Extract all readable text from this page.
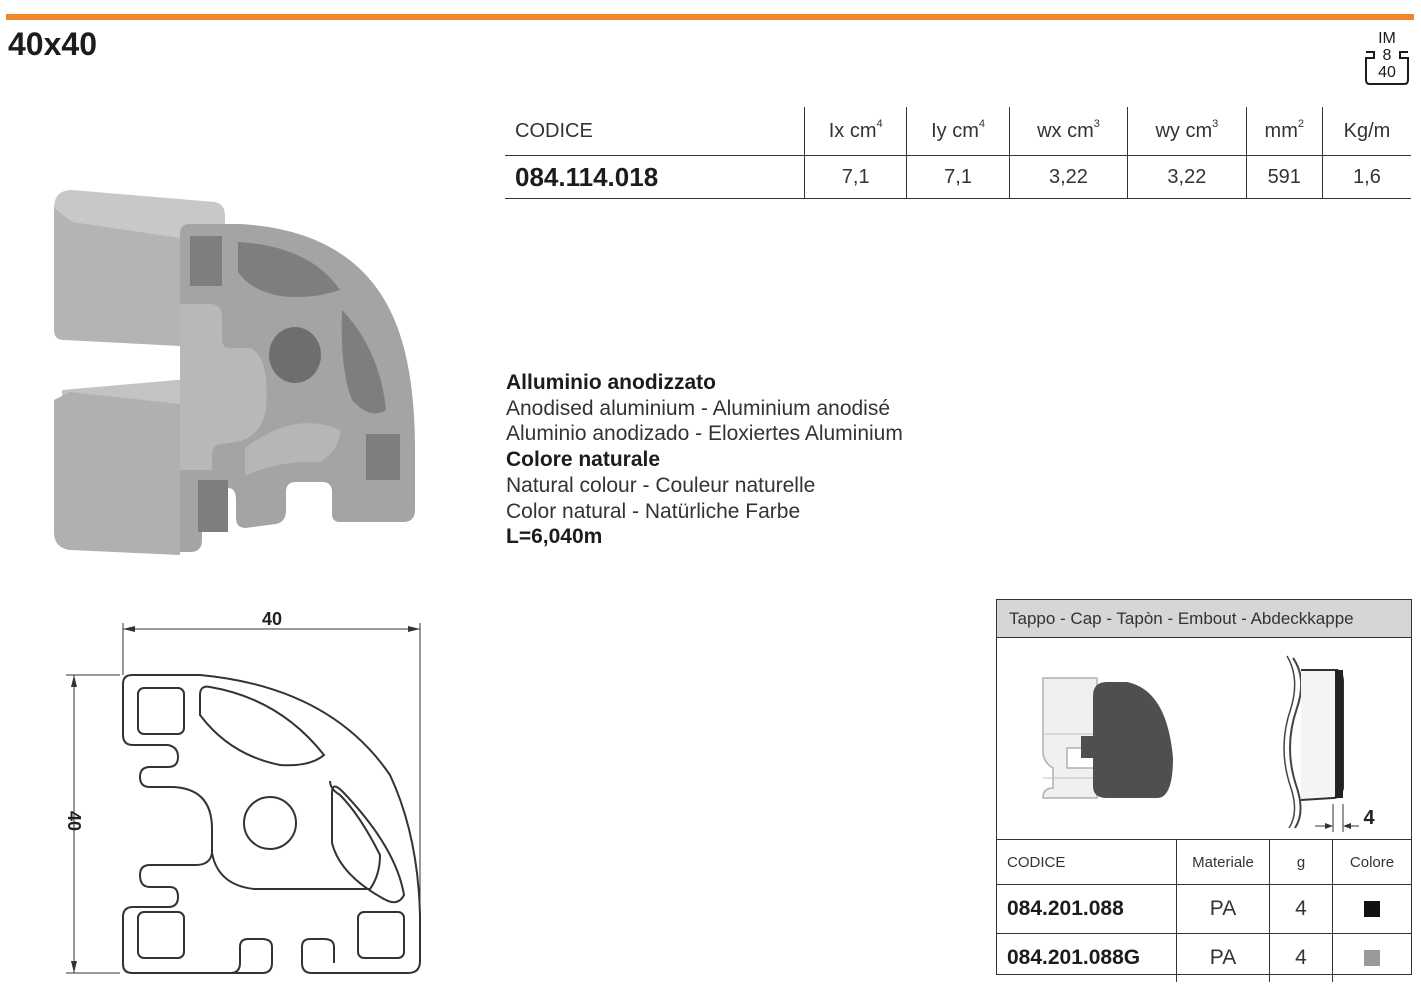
40x40	IM
8
40
CODICE	Ix $cm^4$	Iy $cm^4$	wx $cm^3$	wy $cm^3$	$mm^2$	Kg/m
084.114.018	7,1	7,1	3,22	3,22	591	1,6
Alluminio anodizzato
Anodised aluminium - Aluminium anodisé
Aluminio anodizado - Eloxiertes Aluminium
Colore naturale
Natural colour - Couleur naturelle
Color natural - Natürliche Farbe
L=6,040m
40
40
Tappo - Cap - Tapòn - Embout - Abdeckkappe
4
CODICE	Materiale	g	Colore
084.201.088	PA	4	
084.201.088G	PA	4	
